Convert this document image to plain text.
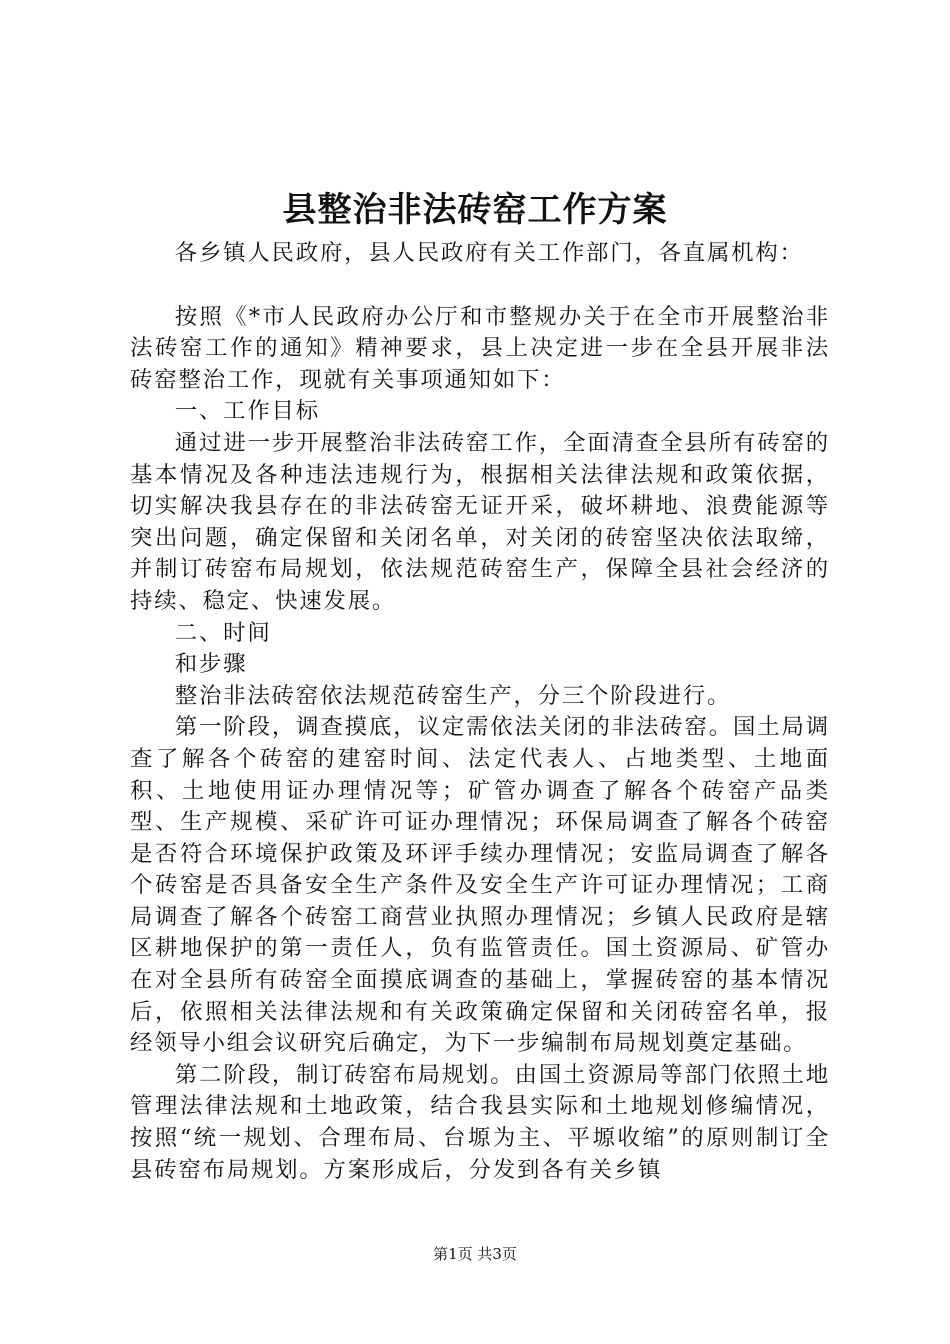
县整治非法砖窑工作方案

各乡镇人民政府，县人民政府有关工作部门，各直属机构：

按照《*市人民政府办公厅和市整规办关于在全市开展整治非法砖窑工作的通知》精神要求，县上决定进一步在全县开展非法砖窑整治工作，现就有关事项通知如下：

一、工作目标

通过进一步开展整治非法砖窑工作，全面清查全县所有砖窑的基本情况及各种违法违规行为，根据相关法律法规和政策依据，切实解决我县存在的非法砖窑无证开采，破坏耕地、浪费能源等突出问题，确定保留和关闭名单，对关闭的砖窑坚决依法取缔，并制订砖窑布局规划，依法规范砖窑生产，保障全县社会经济的持续、稳定、快速发展。

二、时间

和步骤

整治非法砖窑依法规范砖窑生产，分三个阶段进行。

第一阶段，调查摸底，议定需依法关闭的非法砖窑。国土局调查了解各个砖窑的建窑时间、法定代表人、占地类型、土地面积、土地使用证办理情况等；矿管办调查了解各个砖窑产品类型、生产规模、采矿许可证办理情况；环保局调查了解各个砖窑是否符合环境保护政策及环评手续办理情况；安监局调查了解各个砖窑是否具备安全生产条件及安全生产许可证办理情况；工商局调查了解各个砖窑工商营业执照办理情况；乡镇人民政府是辖区耕地保护的第一责任人，负有监管责任。国土资源局、矿管办在对全县所有砖窑全面摸底调查的基础上，掌握砖窑的基本情况后，依照相关法律法规和有关政策确定保留和关闭砖窑名单，报经领导小组会议研究后确定，为下一步编制布局规划奠定基础。

第二阶段，制订砖窑布局规划。由国土资源局等部门依照土地管理法律法规和土地政策，结合我县实际和土地规划修编情况，按照“统一规划、合理布局、台塬为主、平塬收缩”的原则制订全县砖窑布局规划。方案形成后，分发到各有关乡镇

第1页 共3页
